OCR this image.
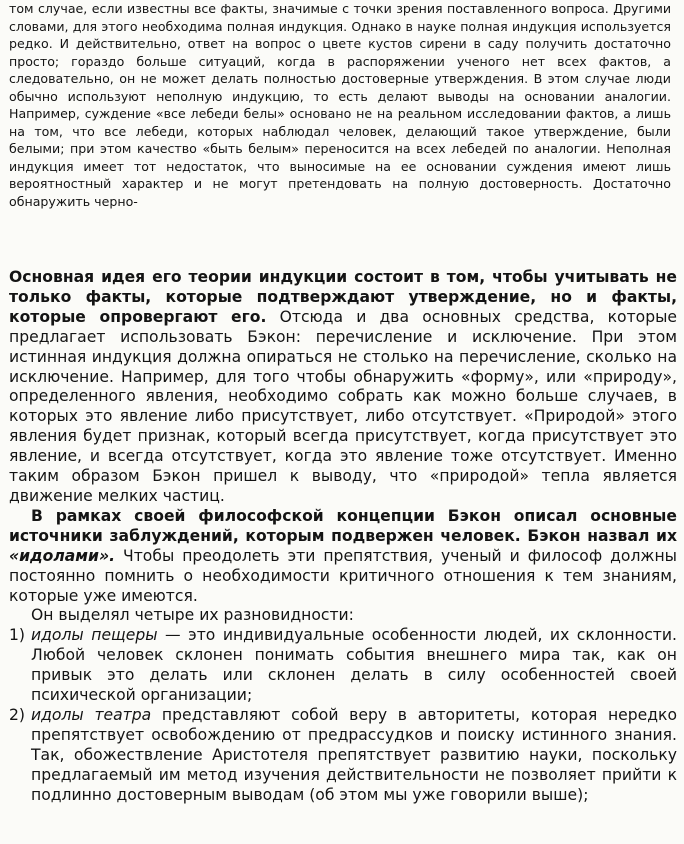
том случае, если известны все факты, значимые с точки зрения поставленного вопроса. Другими словами, для этого необходима полная индукция. Однако в науке полная индукция используется редко. И действительно, ответ на вопрос о цвете кустов сирени в саду получить достаточно просто; гораздо больше ситуаций, когда в распоряжении ученого нет всех фактов, а следовательно, он не может делать полностью достоверные утверждения. В этом случае люди обычно используют неполную индукцию, то есть делают выводы на основании аналогии. Например, суждение «все лебеди белы» основано не на реальном исследовании фактов, а лишь на том, что все лебеди, которых наблюдал человек, делающий такое утверждение, были белыми; при этом качество «быть белым» переносится на всех лебедей по аналогии. Неполная индукция имеет тот недостаток, что выносимые на ее основании суждения имеют лишь вероятностный характер и не могут претендовать на полную достоверность. Достаточно обнаружить черно-

Основная идея его теории индукции состоит в том, чтобы учитывать не только факты, которые подтверждают утверждение, но и факты, которые опровергают его. Отсюда и два основных средства, которые предлагает использовать Бэкон: перечисление и исключение. При этом истинная индукция должна опираться не столько на перечисление, сколько на исключение. Например, для того чтобы обнаружить «форму», или «природу», определенного явления, необходимо собрать как можно больше случаев, в которых это явление либо присутствует, либо отсутствует. «Природой» этого явления будет признак, который всегда присутствует, когда присутствует это явление, и всегда отсутствует, когда это явление тоже отсутствует. Именно таким образом Бэкон пришел к выводу, что «природой» тепла является движение мелких частиц.

В рамках своей философской концепции Бэкон описал основные источники заблуждений, которым подвержен человек. Бэкон назвал их «идолами». Чтобы преодолеть эти препятствия, ученый и философ должны постоянно помнить о необходимости критичного отношения к тем знаниям, которые уже имеются.

Он выделял четыре их разновидности:

1) идолы пещеры — это индивидуальные особенности людей, их склонности. Любой человек склонен понимать события внешнего мира так, как он привык это делать или склонен делать в силу особенностей своей психической организации;
2) идолы театра представляют собой веру в авторитеты, которая нередко препятствует освобождению от предрассудков и поиску истинного знания. Так, обожествление Аристотеля препятствует развитию науки, поскольку предлагаемый им метод изучения действительности не позволяет прийти к подлинно достоверным выводам (об этом мы уже говорили выше);
